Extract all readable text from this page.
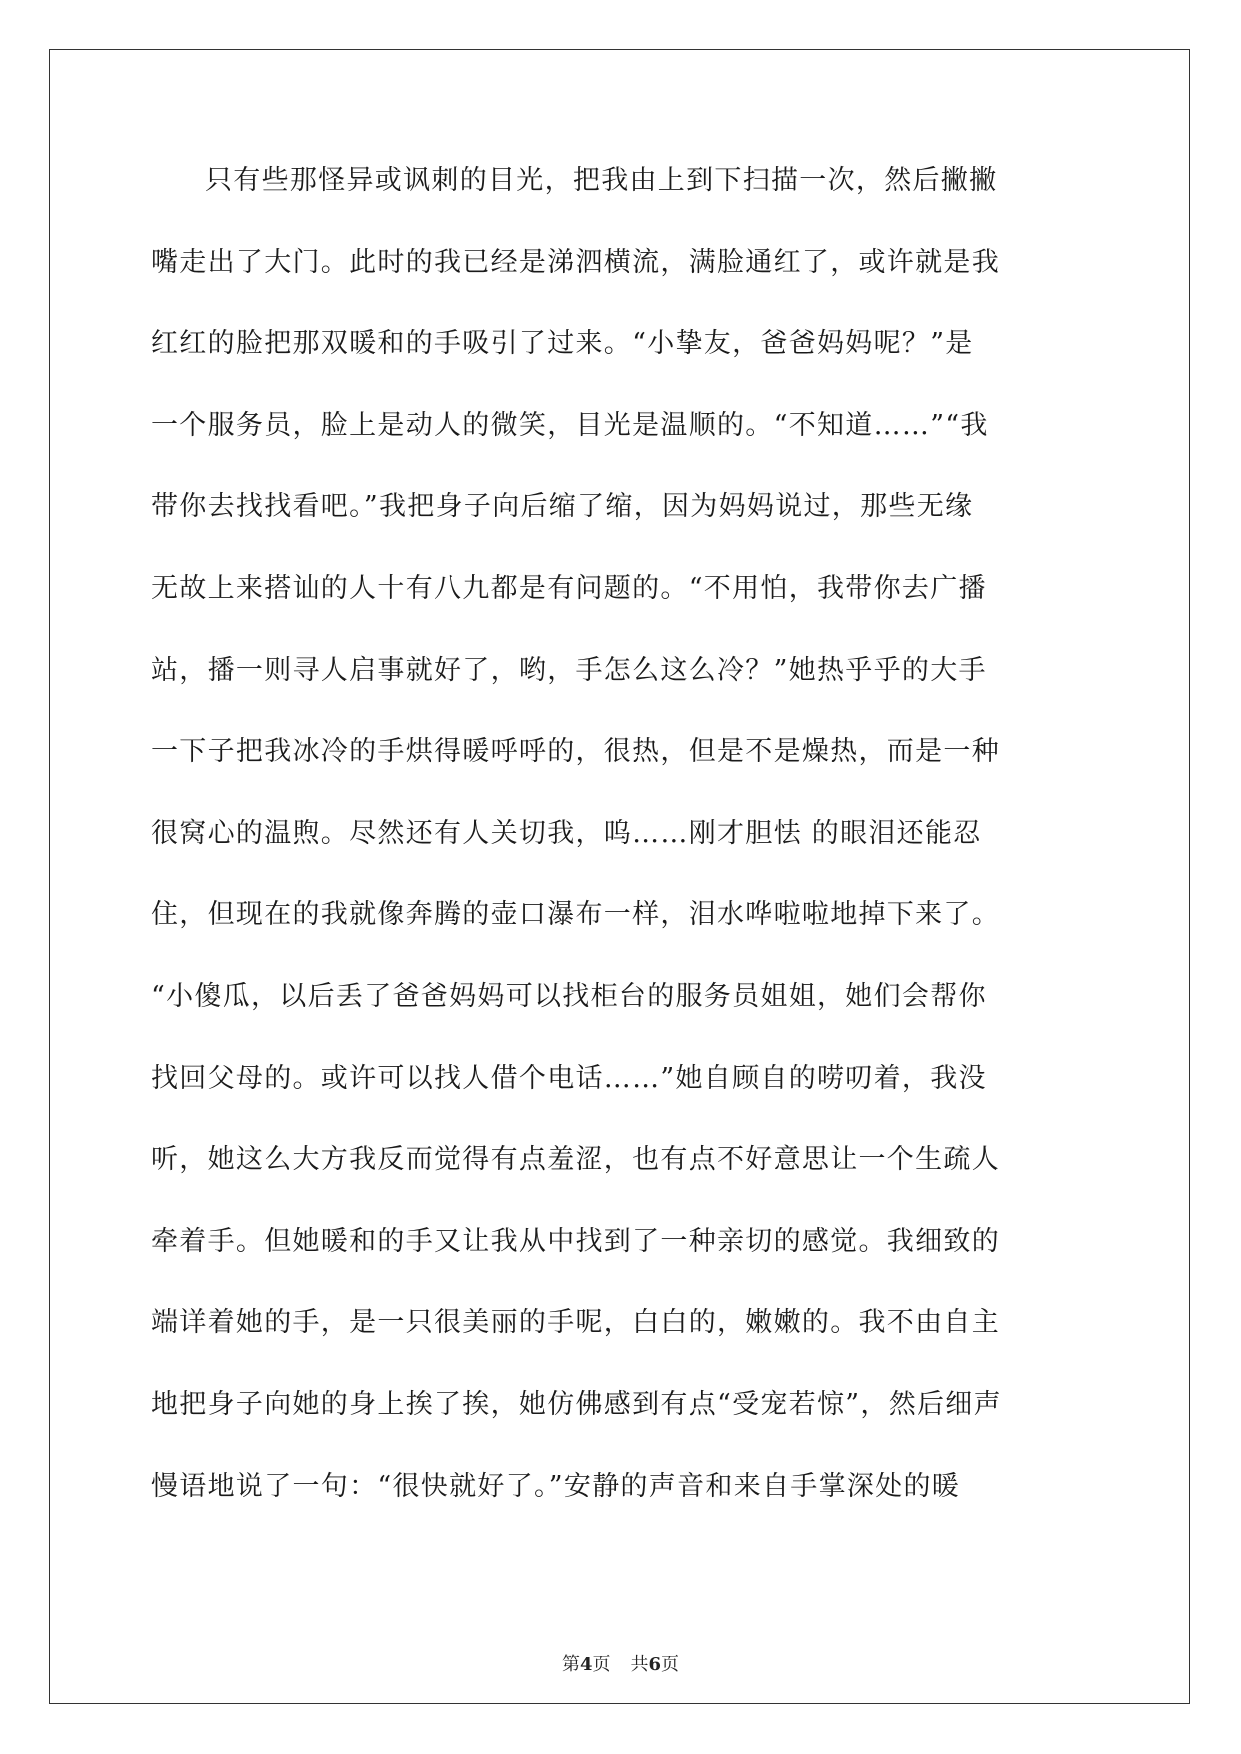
只有些那怪异或讽刺的目光，把我由上到下扫描一次，然后撇撇
嘴走出了大门。此时的我已经是涕泗横流，满脸通红了，或许就是我
红红的脸把那双暖和的手吸引了过来。“小挚友，爸爸妈妈呢？”是
一个服务员，脸上是动人的微笑，目光是温顺的。“不知道……”“我
带你去找找看吧。”我把身子向后缩了缩，因为妈妈说过，那些无缘
无故上来搭讪的人十有八九都是有问题的。“不用怕，我带你去广播
站，播一则寻人启事就好了，哟，手怎么这么冷？”她热乎乎的大手
一下子把我冰冷的手烘得暖呼呼的，很热，但是不是燥热，而是一种
很窝心的温煦。尽然还有人关切我，呜……刚才胆怯 的眼泪还能忍
住，但现在的我就像奔腾的壶口瀑布一样，泪水哗啦啦地掉下来了。
“小傻瓜，以后丢了爸爸妈妈可以找柜台的服务员姐姐，她们会帮你
找回父母的。或许可以找人借个电话……”她自顾自的唠叨着，我没
听，她这么大方我反而觉得有点羞涩，也有点不好意思让一个生疏人
牵着手。但她暖和的手又让我从中找到了一种亲切的感觉。我细致的
端详着她的手，是一只很美丽的手呢，白白的，嫩嫩的。我不由自主
地把身子向她的身上挨了挨，她仿佛感到有点“受宠若惊”，然后细声
慢语地说了一句：“很快就好了。”安静的声音和来自手掌深处的暖
第4页 共6页
